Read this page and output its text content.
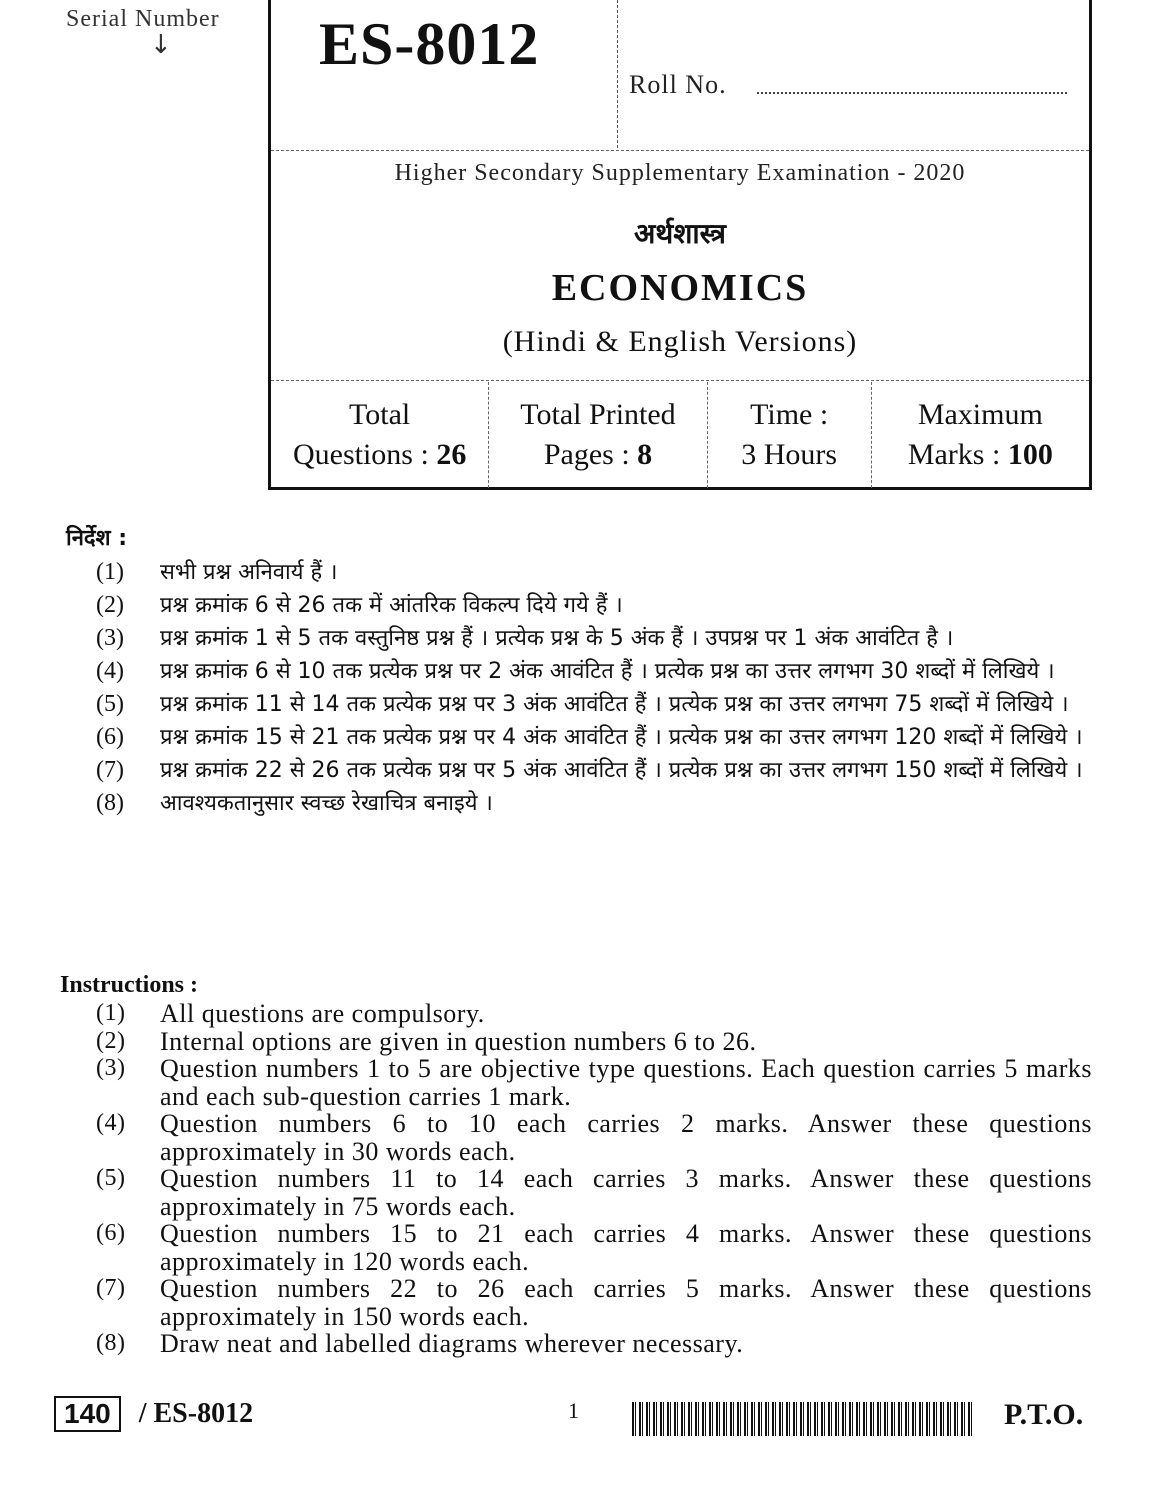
Serial Number
↓ ES-8012
Roll No.
Higher Secondary Supplementary Examination - 2020
अर्थशास्त्र
ECONOMICS
(Hindi & English Versions)
Total
Questions : 26
Total Printed
Pages : 8
Time :
3 Hours
Maximum
Marks : 100
निर्देश :
(1)	सभी प्रश्न अनिवार्य हैं ।
(2)	प्रश्न क्रमांक 6 से 26 तक में आंतरिक विकल्प दिये गये हैं ।
(3)	प्रश्न क्रमांक 1 से 5 तक वस्तुनिष्ठ प्रश्न हैं । प्रत्येक प्रश्न के 5 अंक हैं । उपप्रश्न पर 1 अंक आवंटित है ।
(4)	प्रश्न क्रमांक 6 से 10 तक प्रत्येक प्रश्न पर 2 अंक आवंटित हैं । प्रत्येक प्रश्न का उत्तर लगभग 30 शब्दों में लिखिये ।
(5)	प्रश्न क्रमांक 11 से 14 तक प्रत्येक प्रश्न पर 3 अंक आवंटित हैं । प्रत्येक प्रश्न का उत्तर लगभग 75 शब्दों में लिखिये ।
(6)	प्रश्न क्रमांक 15 से 21 तक प्रत्येक प्रश्न पर 4 अंक आवंटित हैं । प्रत्येक प्रश्न का उत्तर लगभग 120 शब्दों में लिखिये ।
(7)	प्रश्न क्रमांक 22 से 26 तक प्रत्येक प्रश्न पर 5 अंक आवंटित हैं । प्रत्येक प्रश्न का उत्तर लगभग 150 शब्दों में लिखिये ।
(8)	आवश्यकतानुसार स्वच्छ रेखाचित्र बनाइये ।
Instructions :
(1)	All questions are compulsory.
(2)	Internal options are given in question numbers 6 to 26.
(3)	Question numbers 1 to 5 are objective type questions. Each question carries 5 marks and each sub-question carries 1 mark.
(4)	Question numbers 6 to 10 each carries 2 marks. Answer these questions approximately in 30 words each.
(5)	Question numbers 11 to 14 each carries 3 marks. Answer these questions approximately in 75 words each.
(6)	Question numbers 15 to 21 each carries 4 marks. Answer these questions approximately in 120 words each.
(7)	Question numbers 22 to 26 each carries 5 marks. Answer these questions approximately in 150 words each.
(8)	Draw neat and labelled diagrams wherever necessary.
140	/ ES-8012	1	P.T.O.
